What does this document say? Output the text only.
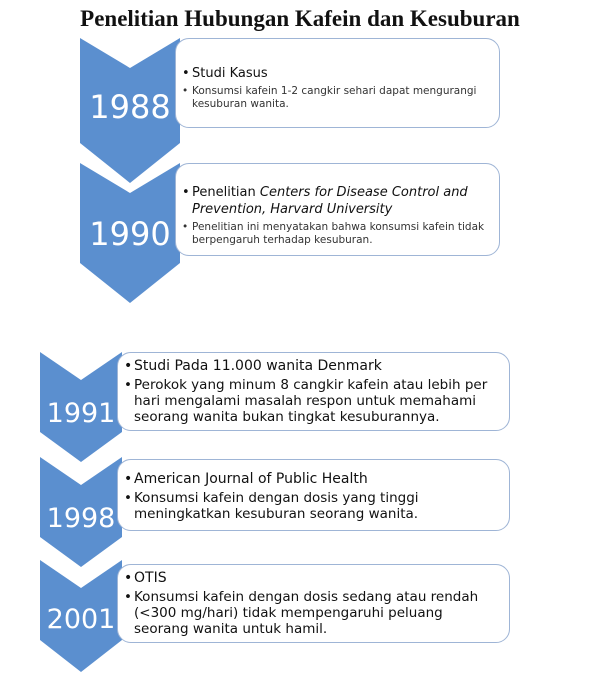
Penelitian Hubungan Kafein dan Kesuburan
1988
• Studi Kasus
• Konsumsi kafein 1-2 cangkir sehari dapat mengurangi kesuburan wanita.
1990
• Penelitian Centers for Disease Control and Prevention, Harvard University
• Penelitian ini menyatakan bahwa konsumsi kafein tidak berpengaruh terhadap kesuburan.
1991
• Studi Pada 11.000 wanita Denmark
• Perokok yang minum 8 cangkir kafein atau lebih per hari mengalami masalah respon untuk memahami seorang wanita bukan tingkat kesuburannya.
1998
• American Journal of Public Health
• Konsumsi kafein dengan dosis yang tinggi meningkatkan kesuburan seorang wanita.
2001
• OTIS
• Konsumsi kafein dengan dosis sedang atau rendah (<300 mg/hari) tidak mempengaruhi peluang seorang wanita untuk hamil.
